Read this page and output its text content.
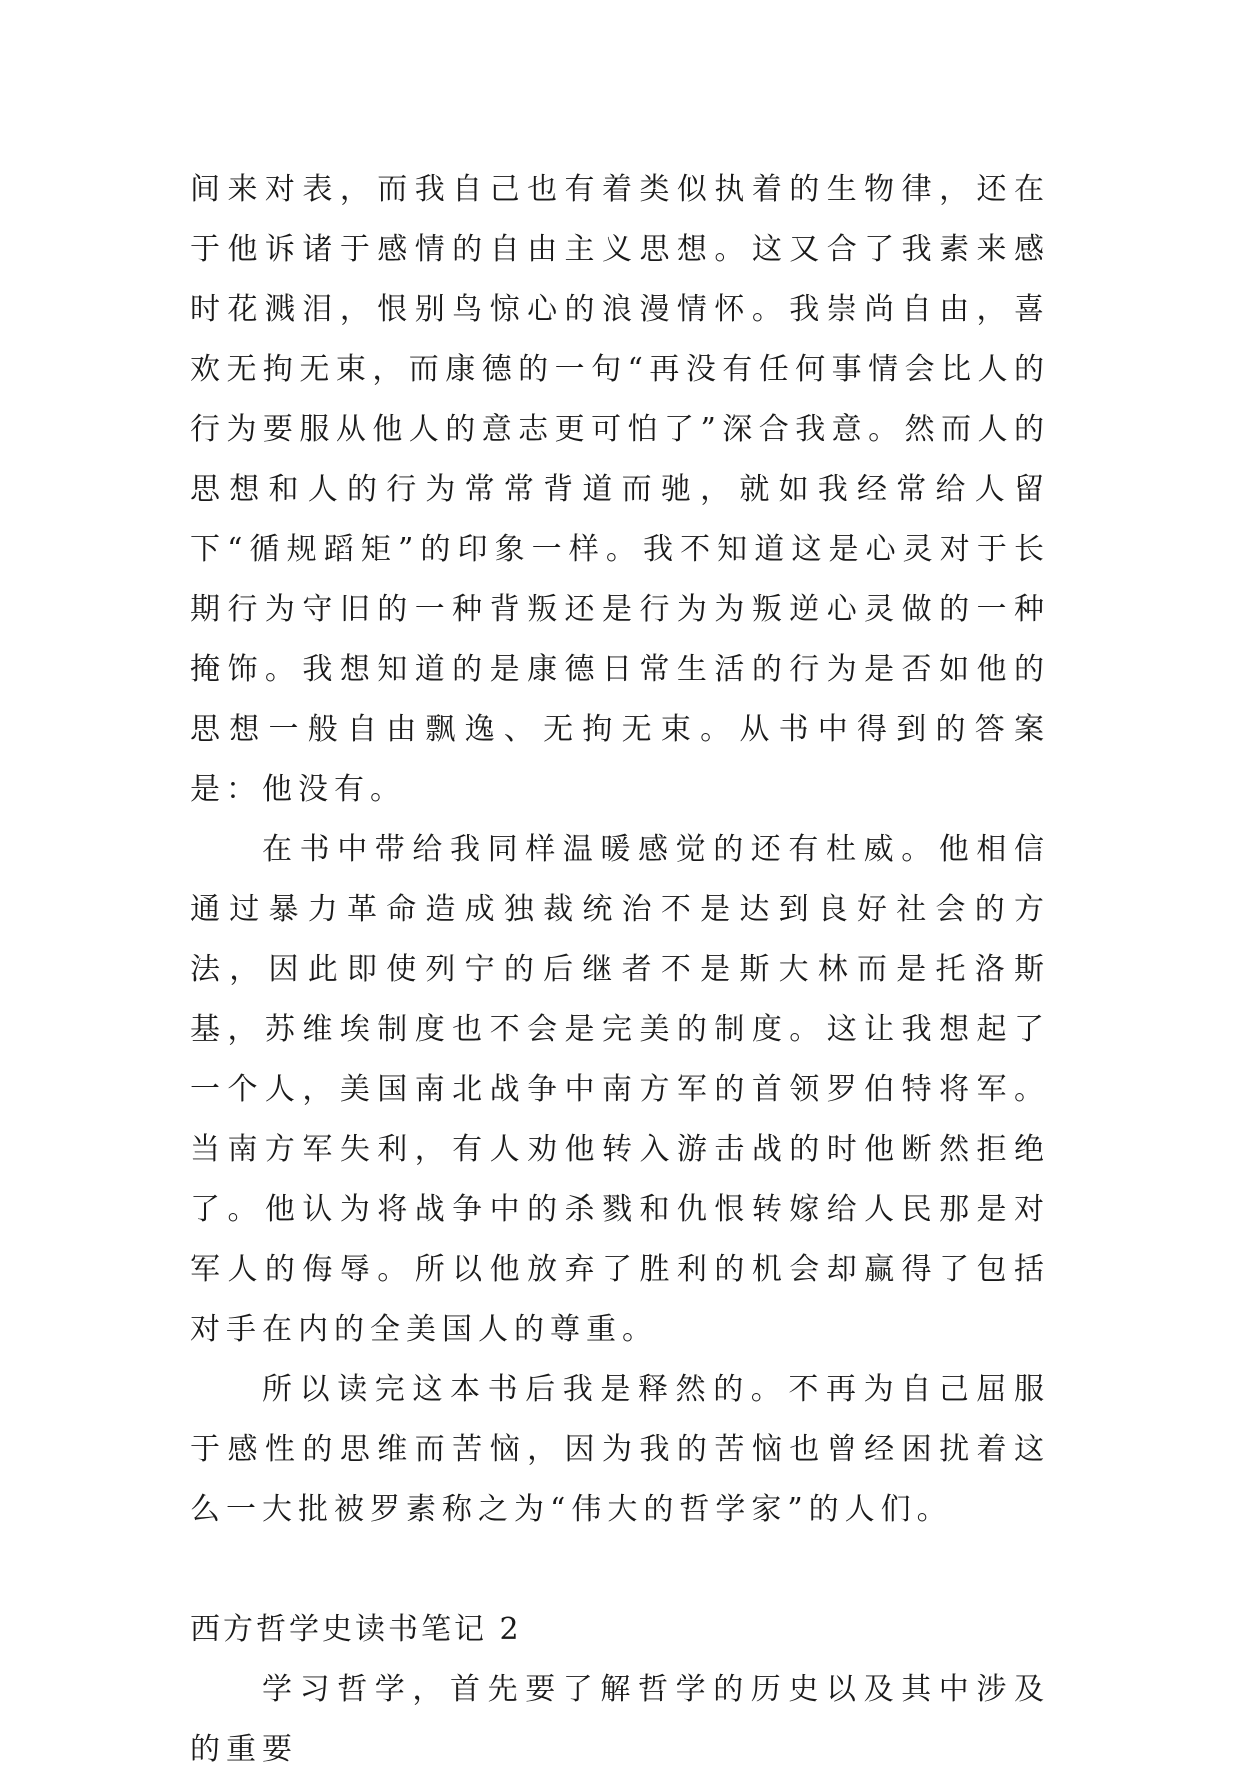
间来对表，而我自己也有着类似执着的生物律，还在于他诉诸于感情的自由主义思想。这又合了我素来感时花溅泪，恨别鸟惊心的浪漫情怀。我崇尚自由，喜欢无拘无束，而康德的一句“再没有任何事情会比人的行为要服从他人的意志更可怕了”深合我意。然而人的思想和人的行为常常背道而驰，就如我经常给人留下“循规蹈矩”的印象一样。我不知道这是心灵对于长期行为守旧的一种背叛还是行为为叛逆心灵做的一种掩饰。我想知道的是康德日常生活的行为是否如他的思想一般自由飘逸、无拘无束。从书中得到的答案是：他没有。

在书中带给我同样温暖感觉的还有杜威。他相信通过暴力革命造成独裁统治不是达到良好社会的方法，因此即使列宁的后继者不是斯大林而是托洛斯基，苏维埃制度也不会是完美的制度。这让我想起了一个人，美国南北战争中南方军的首领罗伯特将军。当南方军失利，有人劝他转入游击战的时他断然拒绝了。他认为将战争中的杀戮和仇恨转嫁给人民那是对军人的侮辱。所以他放弃了胜利的机会却赢得了包括对手在内的全美国人的尊重。

所以读完这本书后我是释然的。不再为自己屈服于感性的思维而苦恼，因为我的苦恼也曾经困扰着这么一大批被罗素称之为“伟大的哲学家”的人们。

西方哲学史读书笔记 2

学习哲学，首先要了解哲学的历史以及其中涉及的重要
